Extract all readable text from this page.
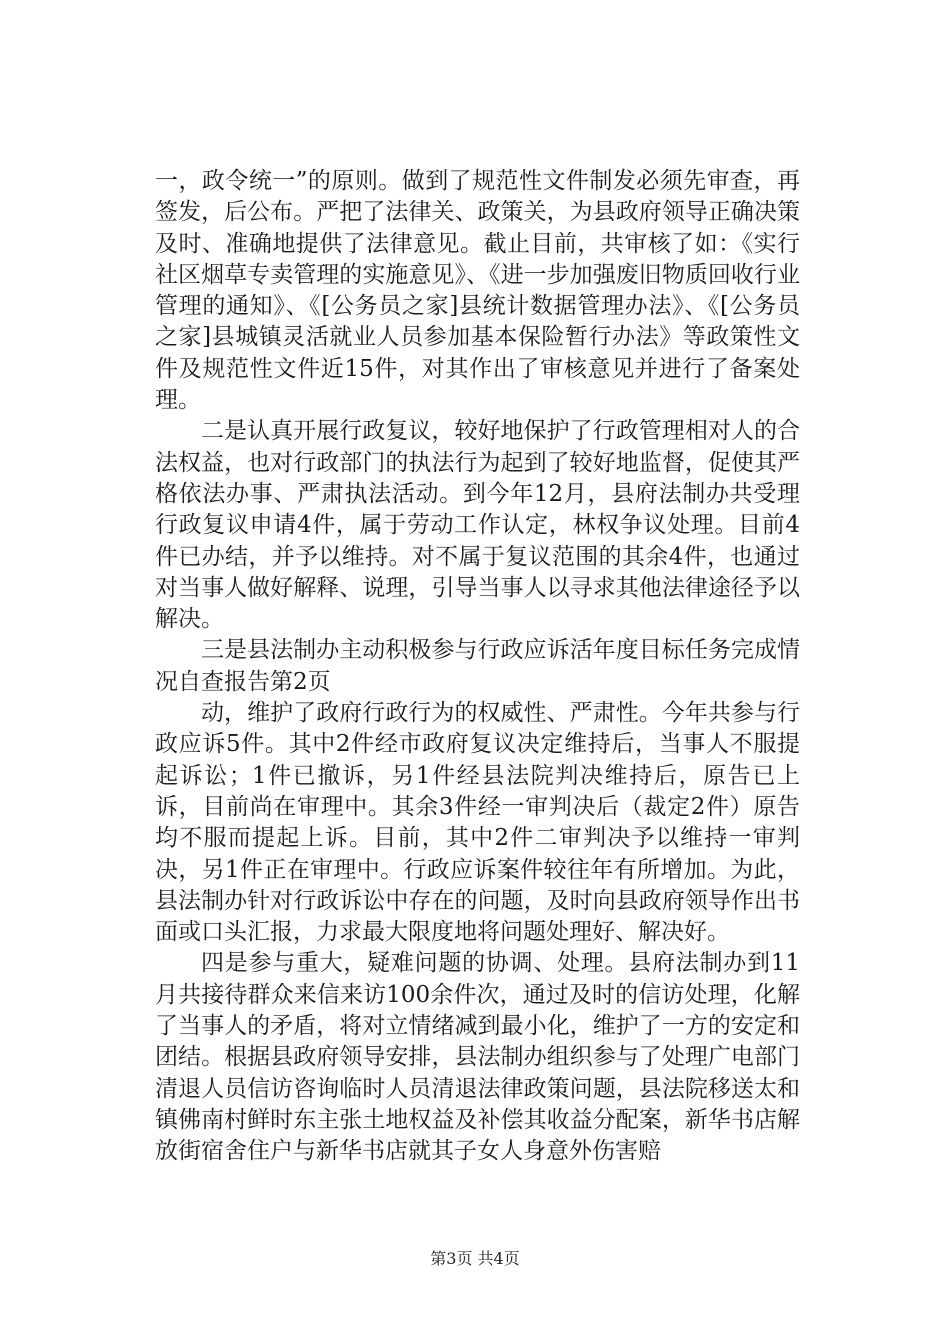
一，政令统一”的原则。做到了规范性文件制发必须先审查，再签发，后公布。严把了法律关、政策关，为县政府领导正确决策及时、准确地提供了法律意见。截止目前，共审核了如：《实行社区烟草专卖管理的实施意见》、《进一步加强废旧物质回收行业管理的通知》、《[公务员之家]县统计数据管理办法》、《[公务员之家]县城镇灵活就业人员参加基本保险暂行办法》等政策性文件及规范性文件近15件，对其作出了审核意见并进行了备案处理。

二是认真开展行政复议，较好地保护了行政管理相对人的合法权益，也对行政部门的执法行为起到了较好地监督，促使其严格依法办事、严肃执法活动。到今年12月，县府法制办共受理行政复议申请4件，属于劳动工作认定，林权争议处理。目前4件已办结，并予以维持。对不属于复议范围的其余4件，也通过对当事人做好解释、说理，引导当事人以寻求其他法律途径予以解决。

三是县法制办主动积极参与行政应诉活年度目标任务完成情况自查报告第2页

动，维护了政府行政行为的权威性、严肃性。今年共参与行政应诉5件。其中2件经市政府复议决定维持后，当事人不服提起诉讼；1件已撤诉，另1件经县法院判决维持后，原告已上诉，目前尚在审理中。其余3件经一审判决后（裁定2件）原告均不服而提起上诉。目前，其中2件二审判决予以维持一审判决，另1件正在审理中。行政应诉案件较往年有所增加。为此，县法制办针对行政诉讼中存在的问题，及时向县政府领导作出书面或口头汇报，力求最大限度地将问题处理好、解决好。

四是参与重大，疑难问题的协调、处理。县府法制办到11月共接待群众来信来访100余件次，通过及时的信访处理，化解了当事人的矛盾，将对立情绪减到最小化，维护了一方的安定和团结。根据县政府领导安排，县法制办组织参与了处理广电部门清退人员信访咨询临时人员清退法律政策问题，县法院移送太和镇佛南村鲜时东主张土地权益及补偿其收益分配案，新华书店解放街宿舍住户与新华书店就其子女人身意外伤害赔

第3页 共4页
